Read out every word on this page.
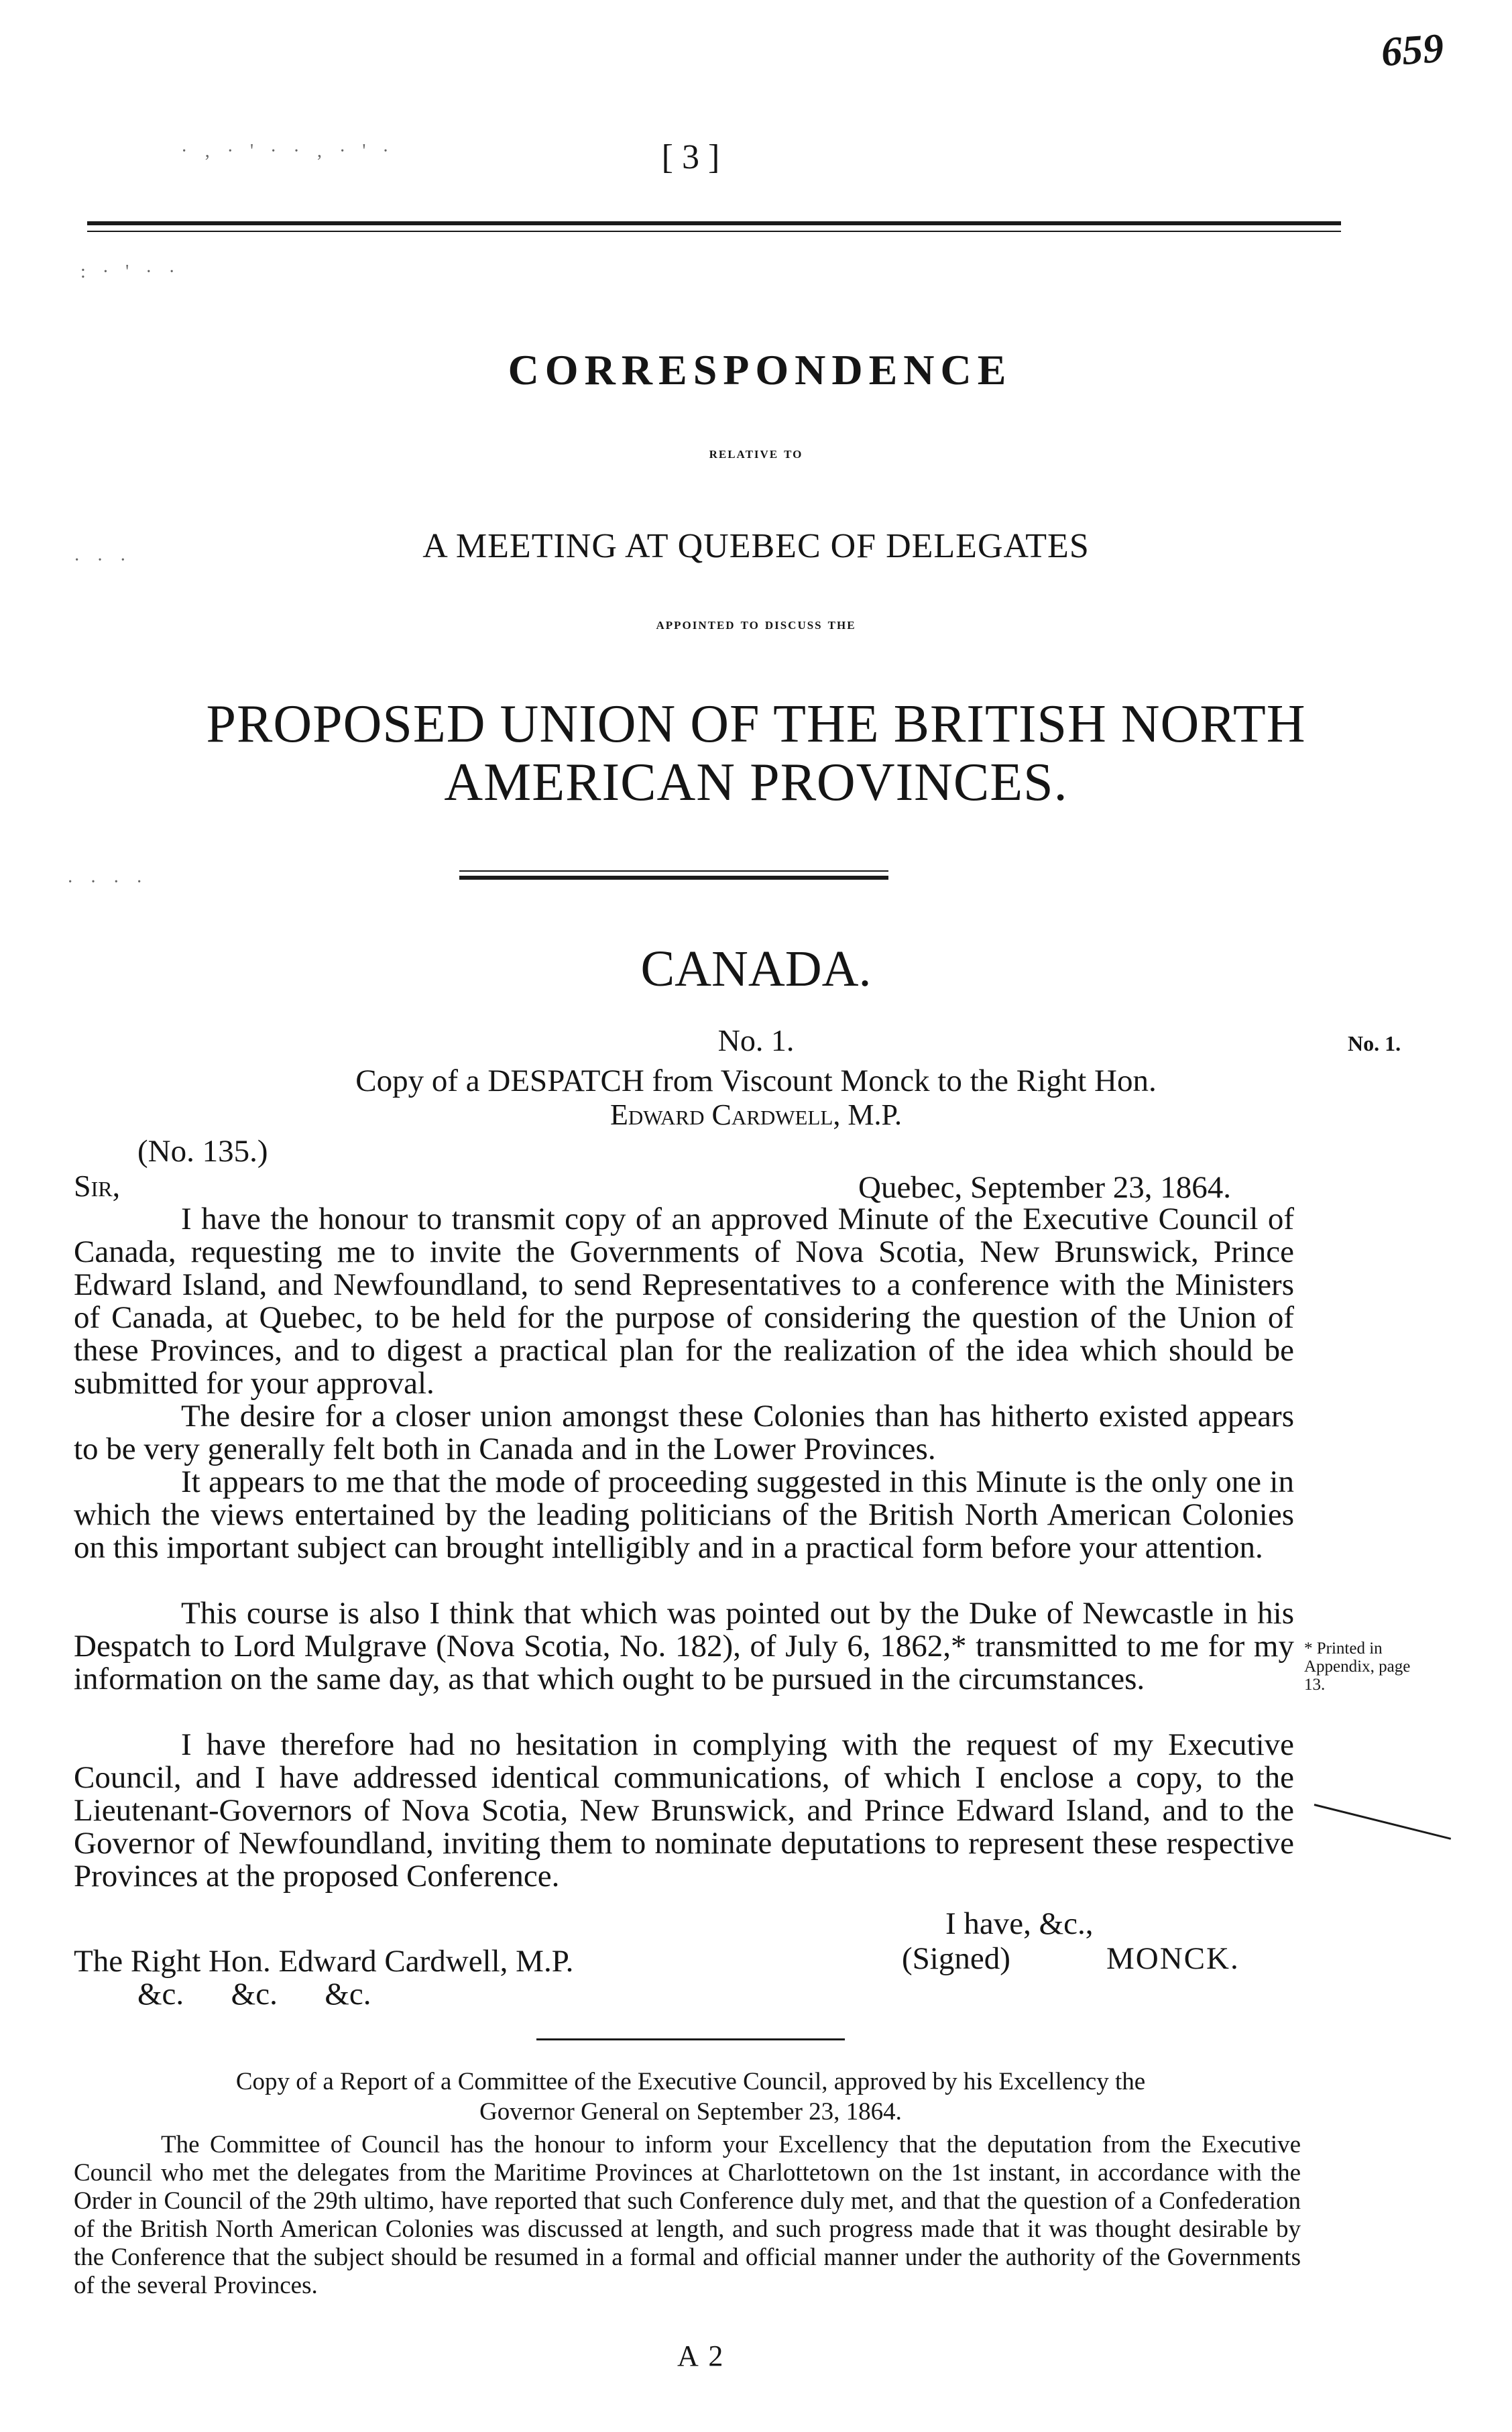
659
[ 3 ]
· ‚ · ' · · ‚ · ' ·
: · ' · ·
· · ·
· · · ·
CORRESPONDENCE
relative to
A MEETING AT QUEBEC OF DELEGATES
appointed to discuss the
PROPOSED UNION OF THE BRITISH NORTH
AMERICAN PROVINCES.
CANADA.
No. 1.	No. 1.
Copy of a DESPATCH from Viscount Monck to the Right Hon.
Edward Cardwell, M.P.
(No. 135.)
Sir,	Quebec, September 23, 1864.

I have the honour to transmit copy of an approved Minute of the Executive Council of Canada, requesting me to invite the Governments of Nova Scotia, New Brunswick, Prince Edward Island, and Newfoundland, to send Representatives to a conference with the Ministers of Canada, at Quebec, to be held for the purpose of considering the question of the Union of these Provinces, and to digest a practical plan for the realization of the idea which should be submitted for your approval.

The desire for a closer union amongst these Colonies than has hitherto existed appears to be very generally felt both in Canada and in the Lower Provinces.

It appears to me that the mode of proceeding suggested in this Minute is the only one in which the views entertained by the leading politicians of the British North American Colonies on this important subject can brought intelligibly and in a practical form before your attention.

This course is also I think that which was pointed out by the Duke of Newcastle in his Despatch to Lord Mulgrave (Nova Scotia, No. 182), of July 6, 1862,* transmitted to me for my information on the same day, as that which ought to be pursued in the circumstances.

I have therefore had no hesitation in complying with the request of my Executive Council, and I have addressed identical communications, of which I enclose a copy, to the Lieutenant-Governors of Nova Scotia, New Brunswick, and Prince Edward Island, and to the Governor of Newfoundland, inviting them to nominate deputations to represent these respective Provinces at the proposed Conference.

* Printed in Appendix, page 13.
I have, &c.,
(Signed)	MONCK.
The Right Hon. Edward Cardwell, M.P.
&c.      &c.      &c.
Copy of a Report of a Committee of the Executive Council, approved by his Excellency the
Governor General on September 23, 1864.

The Committee of Council has the honour to inform your Excellency that the deputation from the Executive Council who met the delegates from the Maritime Provinces at Charlottetown on the 1st instant, in accordance with the Order in Council of the 29th ultimo, have reported that such Conference duly met, and that the question of a Confederation of the British North American Colonies was discussed at length, and such progress made that it was thought desirable by the Conference that the subject should be resumed in a formal and official manner under the authority of the Governments of the several Provinces.

A 2
